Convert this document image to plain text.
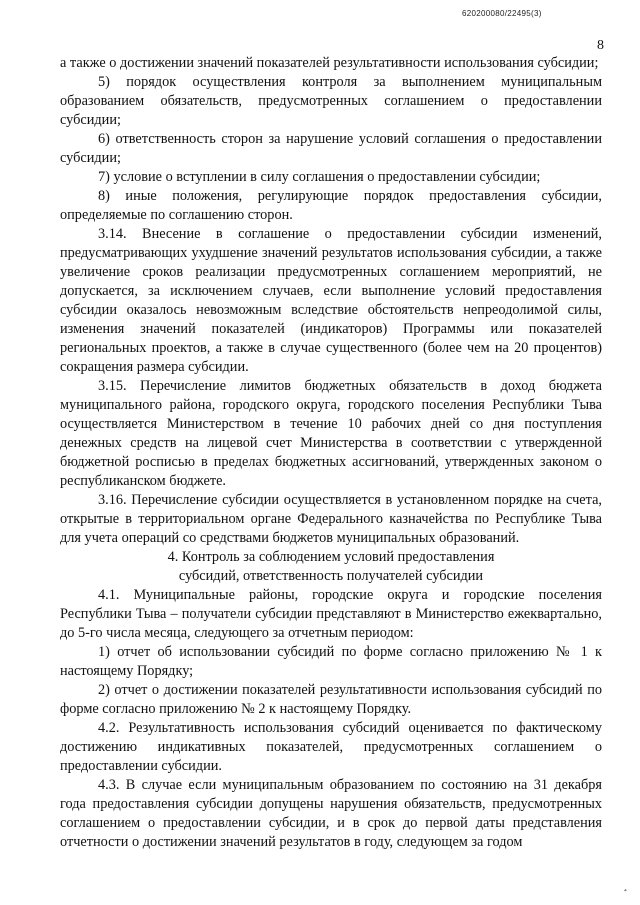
620200080/22495(3)
8

а также о достижении значений показателей результативности использования субсидии;

5) порядок осуществления контроля за выполнением муниципальным образованием обязательств, предусмотренных соглашением о предоставлении субсидии;

6) ответственность сторон за нарушение условий соглашения о предоставлении субсидии;

7) условие о вступлении в силу соглашения о предоставлении субсидии;

8) иные положения, регулирующие порядок предоставления субсидии, определяемые по соглашению сторон.

3.14. Внесение в соглашение о предоставлении субсидии изменений, предусматривающих ухудшение значений результатов использования субсидии, а также увеличение сроков реализации предусмотренных соглашением мероприятий, не допускается, за исключением случаев, если выполнение условий предоставления субсидии оказалось невозможным вследствие обстоятельств непреодолимой силы, изменения значений показателей (индикаторов) Программы или показателей региональных проектов, а также в случае существенного (более чем на 20 процентов) сокращения размера субсидии.

3.15. Перечисление лимитов бюджетных обязательств в доход бюджета муниципального района, городского округа, городского поселения Республики Тыва осуществляется Министерством в течение 10 рабочих дней со дня поступления денежных средств на лицевой счет Министерства в соответствии с утвержденной бюджетной росписью в пределах бюджетных ассигнований, утвержденных законом о республиканском бюджете.

3.16. Перечисление субсидии осуществляется в установленном порядке на счета, открытые в территориальном органе Федерального казначейства по Республике Тыва для учета операций со средствами бюджетов муниципальных образований.

4. Контроль за соблюдением условий предоставления
субсидий, ответственность получателей субсидии

4.1. Муниципальные районы, городские округа и городские поселения Республики Тыва – получатели субсидии представляют в Министерство ежеквартально, до 5-го числа месяца, следующего за отчетным периодом:

1) отчет об использовании субсидий по форме согласно приложению № 1 к настоящему Порядку;

2) отчет о достижении показателей результативности использования субсидий по форме согласно приложению № 2 к настоящему Порядку.

4.2. Результативность использования субсидий оценивается по фактическому достижению индикативных показателей, предусмотренных соглашением о предоставлении субсидии.

4.3. В случае если муниципальным образованием по состоянию на 31 декабря года предоставления субсидии допущены нарушения обязательств, предусмотренных соглашением о предоставлении субсидии, и в срок до первой даты представления отчетности о достижении значений результатов в году, следующем за годом

⁴
